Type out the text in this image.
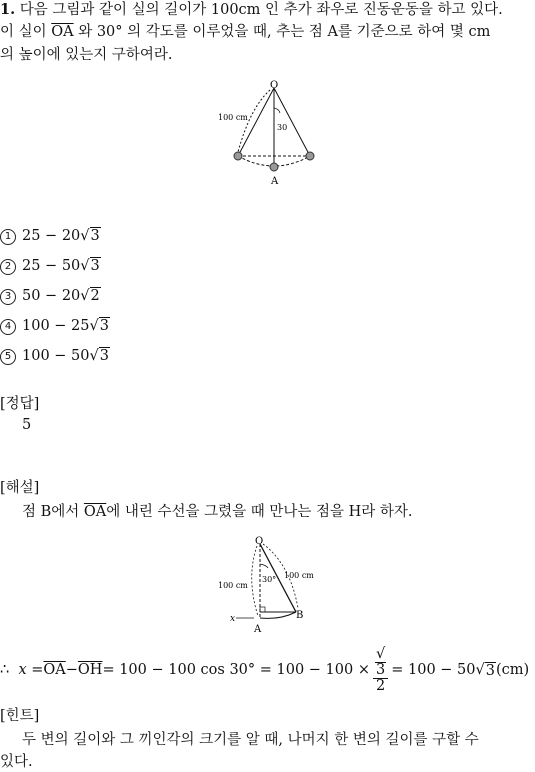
1. 다음 그림과 같이 실의 길이가 100cm 인 추가 좌우로 진동운동을 하고 있다.
이 실이 $\overline{OA}$ 와 30° 의 각도를 이루었을 때, 추는 점 A를 기준으로 하여 몇 cm
의 높이에 있는지 구하여라.
O
A
100 cm
30
1 25 − 20√3
2 25 − 50√3
3 50 − 20√2
4 100 − 25√3
5 100 − 50√3
[정답]
5
[해설]
점 B에서 $\overline{OA}$에 내린 수선을 그렸을 때 만나는 점을 H라 하자.
O
A
B
x
100 cm
100 cm
30°
∴
$x = \overline{OA} - \overline{OH} = 100 - 100$ cos 30° = 100 − 100 × √
3
2 = 100 − 50 √ 3 (cm)
[힌트]
두 변의 길이와 그 끼인각의 크기를 알 때, 나머지 한 변의 길이를 구할 수
있다.
